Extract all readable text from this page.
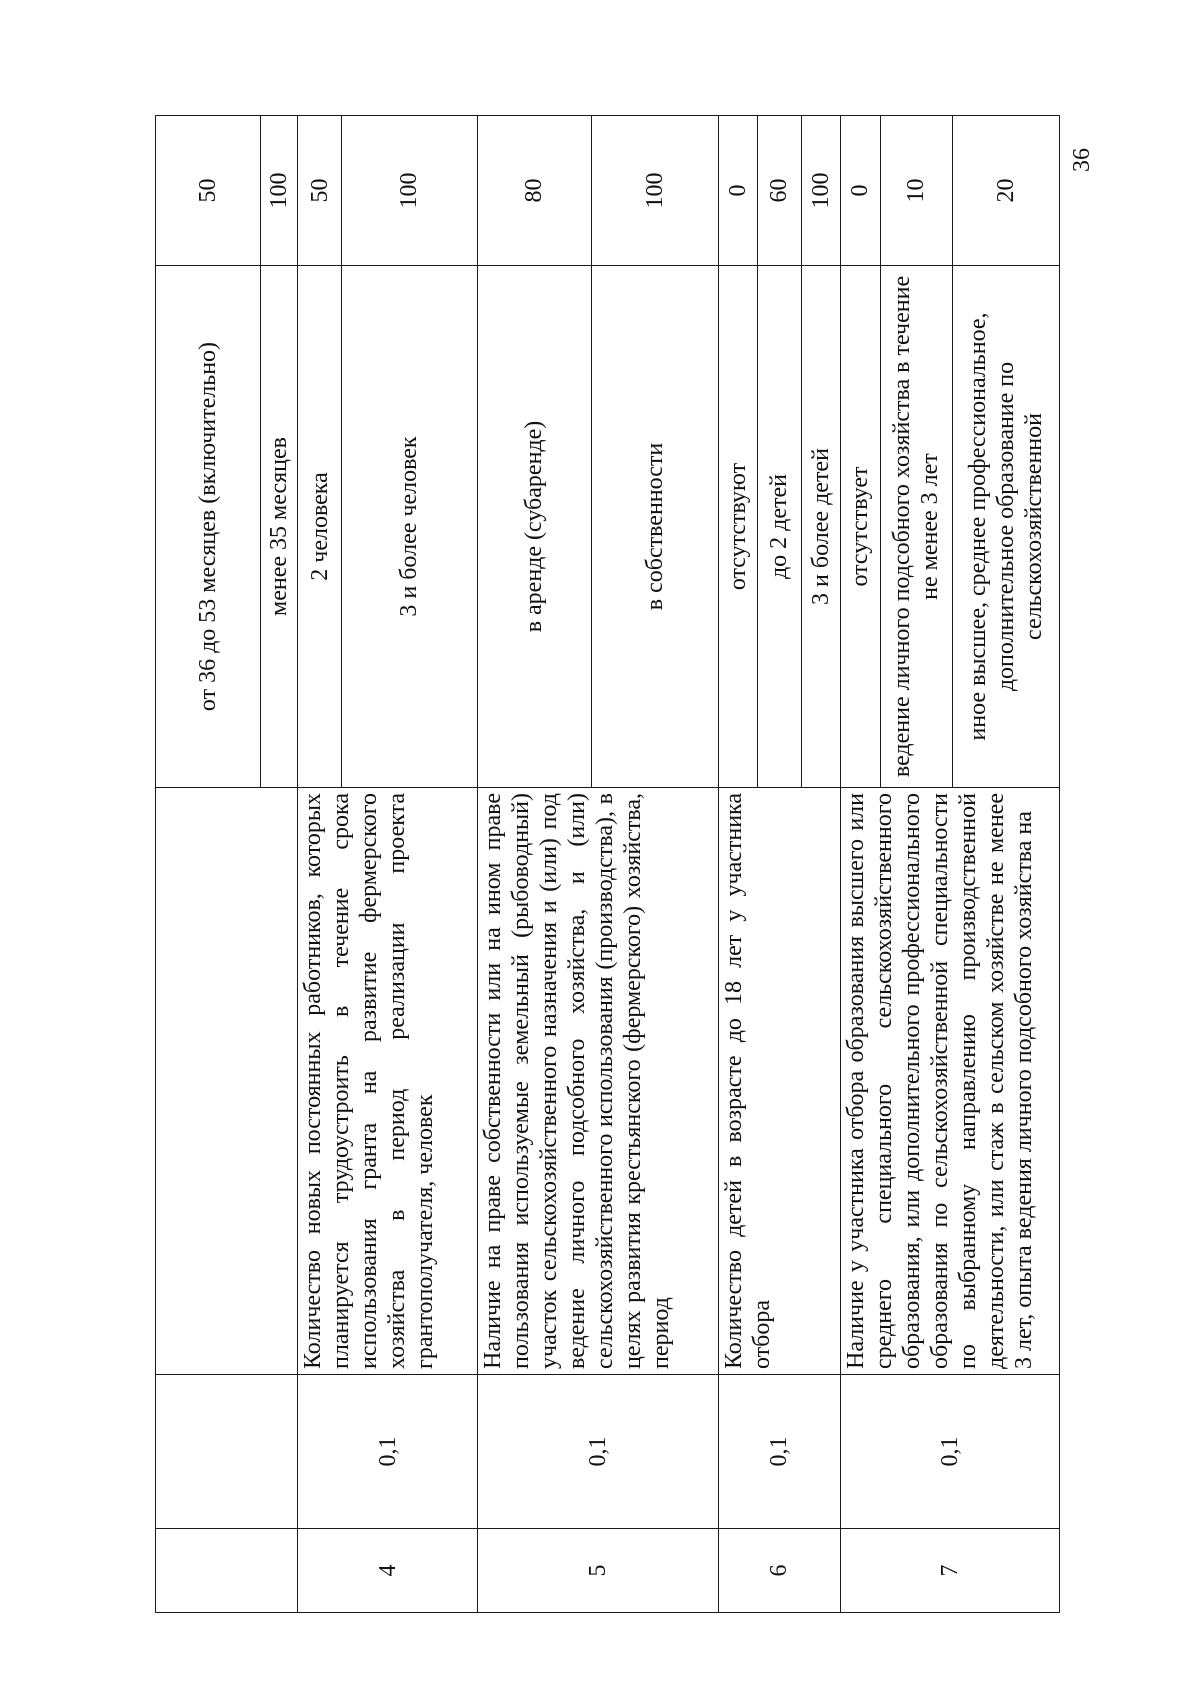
			от 36 до 53 месяцев (включительно)	50
			менее 35 месяцев	100
4	0,1	Количество новых постоянных работников, которых планируется трудоустроить в течение срока использования гранта на развитие фермерского хозяйства в период реализации проекта грантополучателя, человек	2 человека	50
			3 и более человек	100
5	0,1	Наличие на праве собственности или на ином праве пользования используемые земельный (рыбоводный) участок сельскохозяйственного назначения и (или) под ведение личного подсобного хозяйства, и (или) сельскохозяйственного использования (производства), в целях развития крестьянского (фермерского) хозяйства, период	в аренде (субаренде)	80
			в собственности	100
6	0,1	Количество детей в возрасте до 18 лет у участника отбора	отсутствуют	0
			до 2 детей	60
			3 и более детей	100
7	0,1	Наличие у участника отбора образования высшего или среднего специального сельскохозяйственного образования, или дополнительного профессионального образования по сельскохозяйственной специальности по выбранному направлению производственной деятельности, или стаж в сельском хозяйстве не менее 3 лет, опыта ведения личного подсобного хозяйства на	отсутствует	0
			ведение личного подсобного хозяйства в течение не менее 3 лет	10
			иное высшее, среднее профессиональное, дополнительное образование по сельскохозяйственной	20
36
